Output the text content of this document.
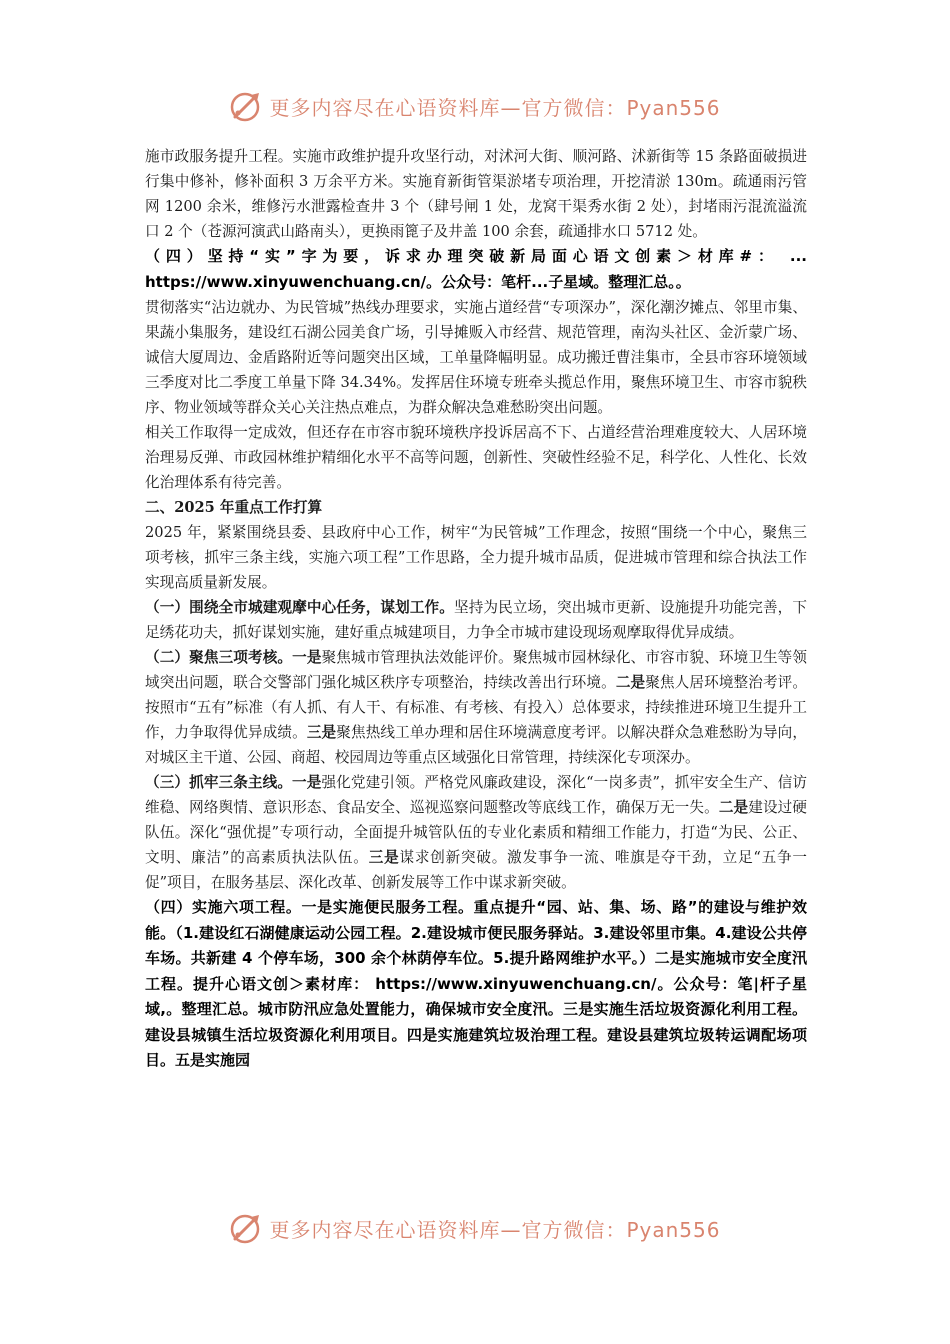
更多内容尽在心语资料库—官方微信：Pyan556

施市政服务提升工程。实施市政维护提升攻坚行动，对沭河大街、顺河路、沭新街等 15 条路面破损进行集中修补，修补面积 3 万余平方米。实施育新街管渠淤堵专项治理，开挖清淤 130m。疏通雨污管网 1200 余米，维修污水泄露检查井 3 个（肆号闸 1 处，龙窝干渠秀水街 2 处），封堵雨污混流溢流口 2 个（苍源河演武山路南头），更换雨篦子及井盖 100 余套，疏通排水口 5712 处。

（四）坚持“实”字为要，诉求办理突破新局面心语文创素＞材库#： ... https://www.xinyuwenchuang.cn/。公众号：笔杆...子星域。整理汇总。。

贯彻落实“沾边就办、为民管城”热线办理要求，实施占道经营“专项深办”，深化潮汐摊点、邻里市集、果蔬小集服务，建设红石湖公园美食广场，引导摊贩入市经营、规范管理，南沟头社区、金沂蒙广场、诚信大厦周边、金盾路附近等问题突出区域，工单量降幅明显。成功搬迁曹洼集市，全县市容环境领域三季度对比二季度工单量下降 34.34%。发挥居住环境专班牵头揽总作用，聚焦环境卫生、市容市貌秩序、物业领域等群众关心关注热点难点，为群众解决急难愁盼突出问题。

相关工作取得一定成效，但还存在市容市貌环境秩序投诉居高不下、占道经营治理难度较大、人居环境治理易反弹、市政园林维护精细化水平不高等问题，创新性、突破性经验不足，科学化、人性化、长效化治理体系有待完善。

二、2025 年重点工作打算

2025 年，紧紧围绕县委、县政府中心工作，树牢“为民管城”工作理念，按照“围绕一个中心，聚焦三项考核，抓牢三条主线，实施六项工程”工作思路，全力提升城市品质，促进城市管理和综合执法工作实现高质量新发展。

（一）围绕全市城建观摩中心任务，谋划工作。坚持为民立场，突出城市更新、设施提升功能完善，下足绣花功夫，抓好谋划实施，建好重点城建项目，力争全市城市建设现场观摩取得优异成绩。

（二）聚焦三项考核。一是聚焦城市管理执法效能评价。聚焦城市园林绿化、市容市貌、环境卫生等领域突出问题，联合交警部门强化城区秩序专项整治，持续改善出行环境。二是聚焦人居环境整治考评。按照市“五有”标准（有人抓、有人干、有标准、有考核、有投入）总体要求，持续推进环境卫生提升工作，力争取得优异成绩。三是聚焦热线工单办理和居住环境满意度考评。以解决群众急难愁盼为导向，对城区主干道、公园、商超、校园周边等重点区域强化日常管理，持续深化专项深办。

（三）抓牢三条主线。一是强化党建引领。严格党风廉政建设，深化“一岗多责”，抓牢安全生产、信访维稳、网络舆情、意识形态、食品安全、巡视巡察问题整改等底线工作，确保万无一失。二是建设过硬队伍。深化“强优提”专项行动，全面提升城管队伍的专业化素质和精细工作能力，打造“为民、公正、文明、廉洁”的高素质执法队伍。三是谋求创新突破。激发事争一流、唯旗是夺干劲，立足“五争一促”项目，在服务基层、深化改革、创新发展等工作中谋求新突破。

（四）实施六项工程。一是实施便民服务工程。重点提升“园、站、集、场、路”的建设与维护效能。（1.建设红石湖健康运动公园工程。2.建设城市便民服务驿站。3.建设邻里市集。4.建设公共停车场。共新建 4 个停车场，300 余个林荫停车位。5.提升路网维护水平。）二是实施城市安全度汛工程。提升心语文创＞素材库： https://www.xinyuwenchuang.cn/。公众号：笔|杆子星域,。整理汇总。城市防汛应急处置能力，确保城市安全度汛。三是实施生活垃圾资源化利用工程。建设县城镇生活垃圾资源化利用项目。四是实施建筑垃圾治理工程。建设县建筑垃圾转运调配场项目。五是实施园

更多内容尽在心语资料库—官方微信：Pyan556
